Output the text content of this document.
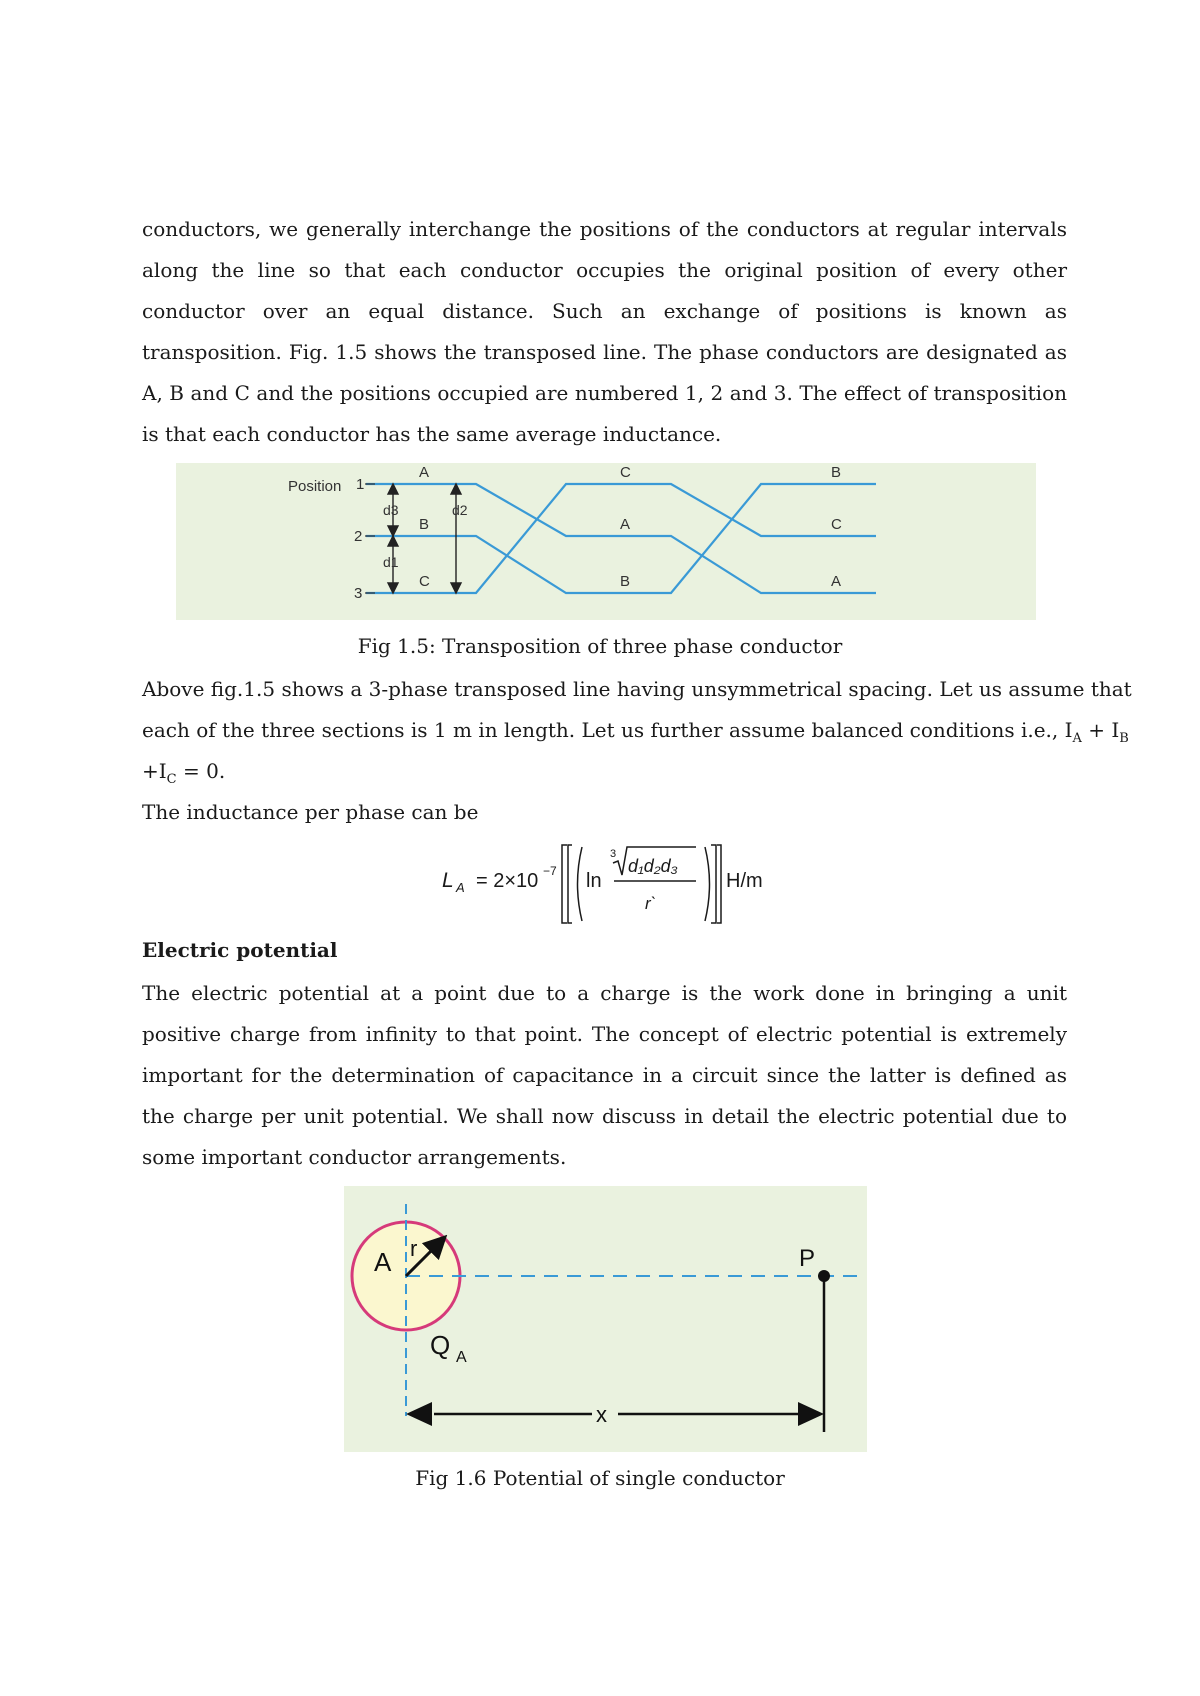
conductors, we generally interchange the positions of the conductors at regular intervals along the line so that each conductor occupies the original position of every other conductor over an equal distance. Such an exchange of positions is known as transposition. Fig. 1.5 shows the transposed line. The phase conductors are designated as A, B and C and the positions occupied are numbered 1, 2 and 3. The effect of transposition is that each conductor has the same average inductance.

Position 1
2
3
d3	d2
d1
A
B
C
C
A
B
B
C
A
Fig 1.5: Transposition of three phase conductor
Above fig.1.5 shows a 3-phase transposed line having unsymmetrical spacing. Let us assume that
each of the three sections is 1 m in length. Let us further assume balanced conditions i.e., $I_A + I_B$
$+I_C = 0$.
The inductance per phase can be
L A = 2×10 −7 ln
3
d₁d₂d₃
r`
H/m
Electric potential

The electric potential at a point due to a charge is the work done in bringing a unit positive charge from infinity to that point. The concept of electric potential is extremely important for the determination of capacitance in a circuit since the latter is defined as the charge per unit potential. We shall now discuss in detail the electric potential due to some important conductor arrangements.

A r
Q A
P
x
Fig 1.6 Potential of single conductor
